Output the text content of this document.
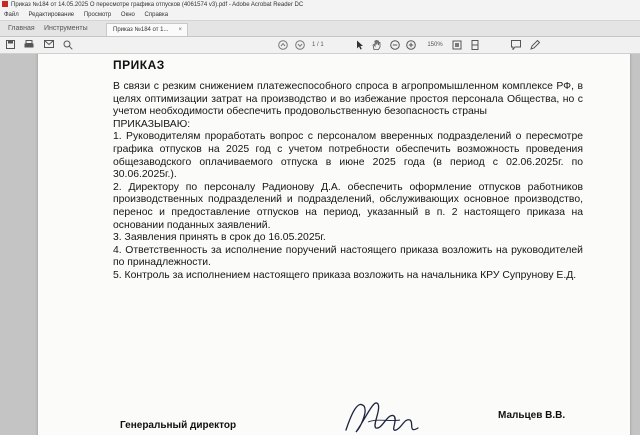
Приказ №184 от 14.05.2025 О пересмотре графика отпусков (4061574 v3).pdf - Adobe Acrobat Reader DC
Файл Редактирование Просмотр Окно Справка
Главная Инструменты	Приказ №184 от 1... ×
1 / 1	150%
ПРИКАЗ

В связи с резким снижением платежеспособного спроса в агропромышленном комплексе РФ, в целях оптимизации затрат на производство и во избежание простоя персонала Общества, но с учетом необходимости обеспечить продовольственную безопасность страны

ПРИКАЗЫВАЮ:

1. Руководителям проработать вопрос с персоналом вверенных подразделений о пересмотре графика отпусков на 2025 год с учетом потребности обеспечить возможность проведения общезаводского оплачиваемого отпуска в июне 2025 года (в период с 02.06.2025г. по 30.06.2025г.).

2. Директору по персоналу Радионову Д.А. обеспечить оформление отпусков работников производственных подразделений и подразделений, обслуживающих основное производство, перенос и предоставление отпусков на период, указанный в п. 2 настоящего приказа на основании поданных заявлений.

3. Заявления принять в срок до 16.05.2025г.

4. Ответственность за исполнение поручений настоящего приказа возложить на руководителей по принадлежности.

5. Контроль за исполнением настоящего приказа возложить на начальника КРУ Супрунову Е.Д.

Генеральный директор
Мальцев В.В.
